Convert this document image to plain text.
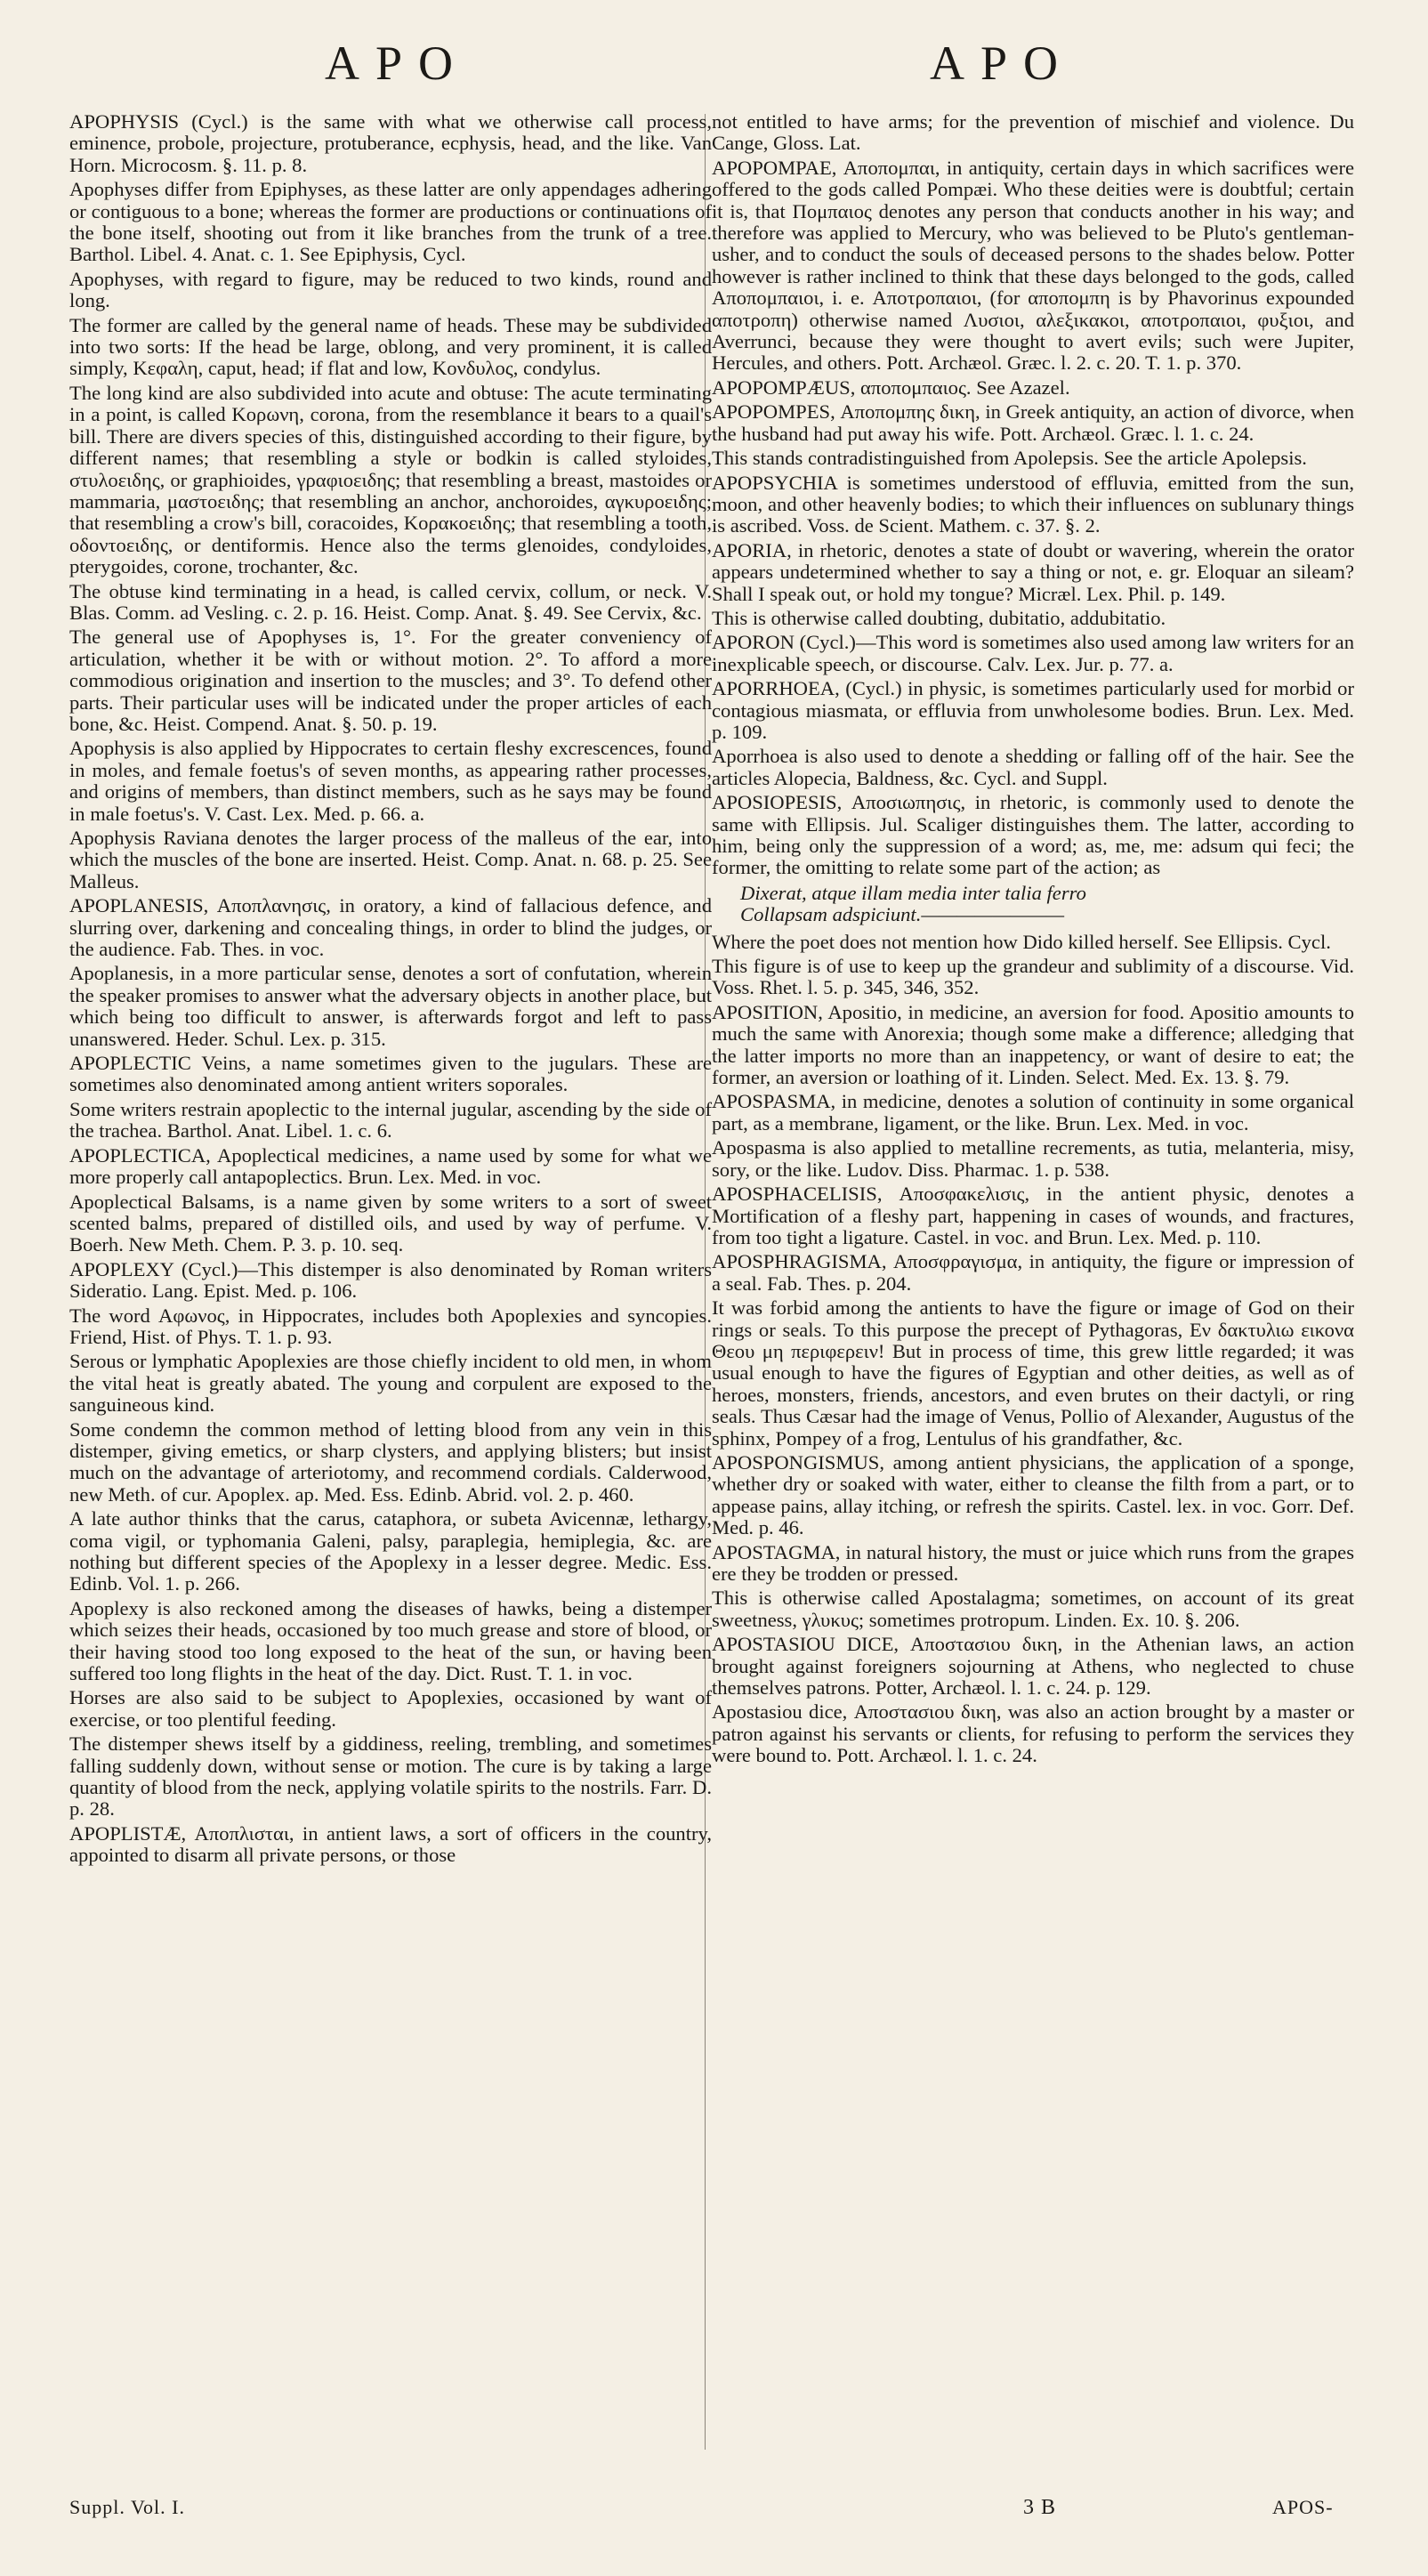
APO	APO

APOPHYSIS (Cycl.) is the same with what we otherwise call process, eminence, probole, projecture, protuberance, ecphysis, head, and the like. Van Horn. Microcosm. §. 11. p. 8.

Apophyses differ from Epiphyses, as these latter are only appendages adhering or contiguous to a bone; whereas the former are productions or continuations of the bone itself, shooting out from it like branches from the trunk of a tree. Barthol. Libel. 4. Anat. c. 1. See Epiphysis, Cycl.

Apophyses, with regard to figure, may be reduced to two kinds, round and long.

The former are called by the general name of heads. These may be subdivided into two sorts: If the head be large, oblong, and very prominent, it is called simply, Κεφαλη, caput, head; if flat and low, Κονδυλος, condylus.

The long kind are also subdivided into acute and obtuse: The acute terminating in a point, is called Κορωνη, corona, from the resemblance it bears to a quail's bill. There are divers species of this, distinguished according to their figure, by different names; that resembling a style or bodkin is called styloides, στυλοειδης, or graphioides, γραφιοειδης; that resembling a breast, mastoides or mammaria, μαστοειδης; that resembling an anchor, anchoroides, αγκυροειδης; that resembling a crow's bill, coracoides, Κορακοειδης; that resembling a tooth, οδοντοειδης, or dentiformis. Hence also the terms glenoides, condyloides, pterygoides, corone, trochanter, &c.

The obtuse kind terminating in a head, is called cervix, collum, or neck. V. Blas. Comm. ad Vesling. c. 2. p. 16. Heist. Comp. Anat. §. 49. See Cervix, &c.

The general use of Apophyses is, 1°. For the greater conveniency of articulation, whether it be with or without motion. 2°. To afford a more commodious origination and insertion to the muscles; and 3°. To defend other parts. Their particular uses will be indicated under the proper articles of each bone, &c. Heist. Compend. Anat. §. 50. p. 19.

Apophysis is also applied by Hippocrates to certain fleshy excrescences, found in moles, and female foetus's of seven months, as appearing rather processes, and origins of members, than distinct members, such as he says may be found in male foetus's. V. Cast. Lex. Med. p. 66. a.

Apophysis Raviana denotes the larger process of the malleus of the ear, into which the muscles of the bone are inserted. Heist. Comp. Anat. n. 68. p. 25. See Malleus.

APOPLANESIS, Αποπλανησις, in oratory, a kind of fallacious defence, and slurring over, darkening and concealing things, in order to blind the judges, or the audience. Fab. Thes. in voc.

Apoplanesis, in a more particular sense, denotes a sort of confutation, wherein the speaker promises to answer what the adversary objects in another place, but which being too difficult to answer, is afterwards forgot and left to pass unanswered. Heder. Schul. Lex. p. 315.

APOPLECTIC Veins, a name sometimes given to the jugulars. These are sometimes also denominated among antient writers soporales.

Some writers restrain apoplectic to the internal jugular, ascending by the side of the trachea. Barthol. Anat. Libel. 1. c. 6.

APOPLECTICA, Apoplectical medicines, a name used by some for what we more properly call antapoplectics. Brun. Lex. Med. in voc.

Apoplectical Balsams, is a name given by some writers to a sort of sweet scented balms, prepared of distilled oils, and used by way of perfume. V. Boerh. New Meth. Chem. P. 3. p. 10. seq.

APOPLEXY (Cycl.)—This distemper is also denominated by Roman writers Sideratio. Lang. Epist. Med. p. 106.

The word Αφωνος, in Hippocrates, includes both Apoplexies and syncopies. Friend, Hist. of Phys. T. 1. p. 93.

Serous or lymphatic Apoplexies are those chiefly incident to old men, in whom the vital heat is greatly abated. The young and corpulent are exposed to the sanguineous kind.

Some condemn the common method of letting blood from any vein in this distemper, giving emetics, or sharp clysters, and applying blisters; but insist much on the advantage of arteriotomy, and recommend cordials. Calderwood, new Meth. of cur. Apoplex. ap. Med. Ess. Edinb. Abrid. vol. 2. p. 460.

A late author thinks that the carus, cataphora, or subeta Avicennæ, lethargy, coma vigil, or typhomania Galeni, palsy, paraplegia, hemiplegia, &c. are nothing but different species of the Apoplexy in a lesser degree. Medic. Ess. Edinb. Vol. 1. p. 266.

Apoplexy is also reckoned among the diseases of hawks, being a distemper which seizes their heads, occasioned by too much grease and store of blood, or their having stood too long exposed to the heat of the sun, or having been suffered too long flights in the heat of the day. Dict. Rust. T. 1. in voc.

Horses are also said to be subject to Apoplexies, occasioned by want of exercise, or too plentiful feeding.

The distemper shews itself by a giddiness, reeling, trembling, and sometimes falling suddenly down, without sense or motion. The cure is by taking a large quantity of blood from the neck, applying volatile spirits to the nostrils. Farr. D. p. 28.

APOPLISTÆ, Αποπλισται, in antient laws, a sort of officers in the country, appointed to disarm all private persons, or those

not entitled to have arms; for the prevention of mischief and violence. Du Cange, Gloss. Lat.

APOPOMPAE, Αποπομπαι, in antiquity, certain days in which sacrifices were offered to the gods called Pompæi. Who these deities were is doubtful; certain it is, that Πομπαιος denotes any person that conducts another in his way; and therefore was applied to Mercury, who was believed to be Pluto's gentleman-usher, and to conduct the souls of deceased persons to the shades below. Potter however is rather inclined to think that these days belonged to the gods, called Αποπομπαιοι, i. e. Αποτροπαιοι, (for αποπομπη is by Phavorinus expounded αποτροπη) otherwise named Λυσιοι, αλεξικακοι, αποτροπαιοι, φυξιοι, and Averrunci, because they were thought to avert evils; such were Jupiter, Hercules, and others. Pott. Archæol. Græc. l. 2. c. 20. T. 1. p. 370.

APOPOMPÆUS, αποπομπαιος. See Azazel.

APOPOMPES, Αποπομπης δικη, in Greek antiquity, an action of divorce, when the husband had put away his wife. Pott. Archæol. Græc. l. 1. c. 24.

This stands contradistinguished from Apolepsis. See the article Apolepsis.

APOPSYCHIA is sometimes understood of effluvia, emitted from the sun, moon, and other heavenly bodies; to which their influences on sublunary things is ascribed. Voss. de Scient. Mathem. c. 37. §. 2.

APORIA, in rhetoric, denotes a state of doubt or wavering, wherein the orator appears undetermined whether to say a thing or not, e. gr. Eloquar an sileam? Shall I speak out, or hold my tongue? Micræl. Lex. Phil. p. 149.

This is otherwise called doubting, dubitatio, addubitatio.

APORON (Cycl.)—This word is sometimes also used among law writers for an inexplicable speech, or discourse. Calv. Lex. Jur. p. 77. a.

APORRHOEA, (Cycl.) in physic, is sometimes particularly used for morbid or contagious miasmata, or effluvia from unwholesome bodies. Brun. Lex. Med. p. 109.

Aporrhoea is also used to denote a shedding or falling off of the hair. See the articles Alopecia, Baldness, &c. Cycl. and Suppl.

APOSIOPESIS, Αποσιωπησις, in rhetoric, is commonly used to denote the same with Ellipsis. Jul. Scaliger distinguishes them. The latter, according to him, being only the suppression of a word; as, me, me: adsum qui feci; the former, the omitting to relate some part of the action; as

Dixerat, atque illam media inter talia ferro
Collapsam adspiciunt.————————

Where the poet does not mention how Dido killed herself. See Ellipsis. Cycl.

This figure is of use to keep up the grandeur and sublimity of a discourse. Vid. Voss. Rhet. l. 5. p. 345, 346, 352.

APOSITION, Apositio, in medicine, an aversion for food. Apositio amounts to much the same with Anorexia; though some make a difference; alledging that the latter imports no more than an inappetency, or want of desire to eat; the former, an aversion or loathing of it. Linden. Select. Med. Ex. 13. §. 79.

APOSPASMA, in medicine, denotes a solution of continuity in some organical part, as a membrane, ligament, or the like. Brun. Lex. Med. in voc.

Apospasma is also applied to metalline recrements, as tutia, melanteria, misy, sory, or the like. Ludov. Diss. Pharmac. 1. p. 538.

APOSPHACELISIS, Αποσφακελισις, in the antient physic, denotes a Mortification of a fleshy part, happening in cases of wounds, and fractures, from too tight a ligature. Castel. in voc. and Brun. Lex. Med. p. 110.

APOSPHRAGISMA, Αποσφραγισμα, in antiquity, the figure or impression of a seal. Fab. Thes. p. 204.

It was forbid among the antients to have the figure or image of God on their rings or seals. To this purpose the precept of Pythagoras, Εν δακτυλιω εικονα Θεου μη περιφερειν! But in process of time, this grew little regarded; it was usual enough to have the figures of Egyptian and other deities, as well as of heroes, monsters, friends, ancestors, and even brutes on their dactyli, or ring seals. Thus Cæsar had the image of Venus, Pollio of Alexander, Augustus of the sphinx, Pompey of a frog, Lentulus of his grandfather, &c.

APOSPONGISMUS, among antient physicians, the application of a sponge, whether dry or soaked with water, either to cleanse the filth from a part, or to appease pains, allay itching, or refresh the spirits. Castel. lex. in voc. Gorr. Def. Med. p. 46.

APOSTAGMA, in natural history, the must or juice which runs from the grapes ere they be trodden or pressed.

This is otherwise called Apostalagma; sometimes, on account of its great sweetness, γλυκυς; sometimes protropum. Linden. Ex. 10. §. 206.

APOSTASIOU DICE, Αποστασιου δικη, in the Athenian laws, an action brought against foreigners sojourning at Athens, who neglected to chuse themselves patrons. Potter, Archæol. l. 1. c. 24. p. 129.

Apostasiou dice, Αποστασιου δικη, was also an action brought by a master or patron against his servants or clients, for refusing to perform the services they were bound to. Pott. Archæol. l. 1. c. 24.

Suppl. Vol. I.	3 B	APOS-
